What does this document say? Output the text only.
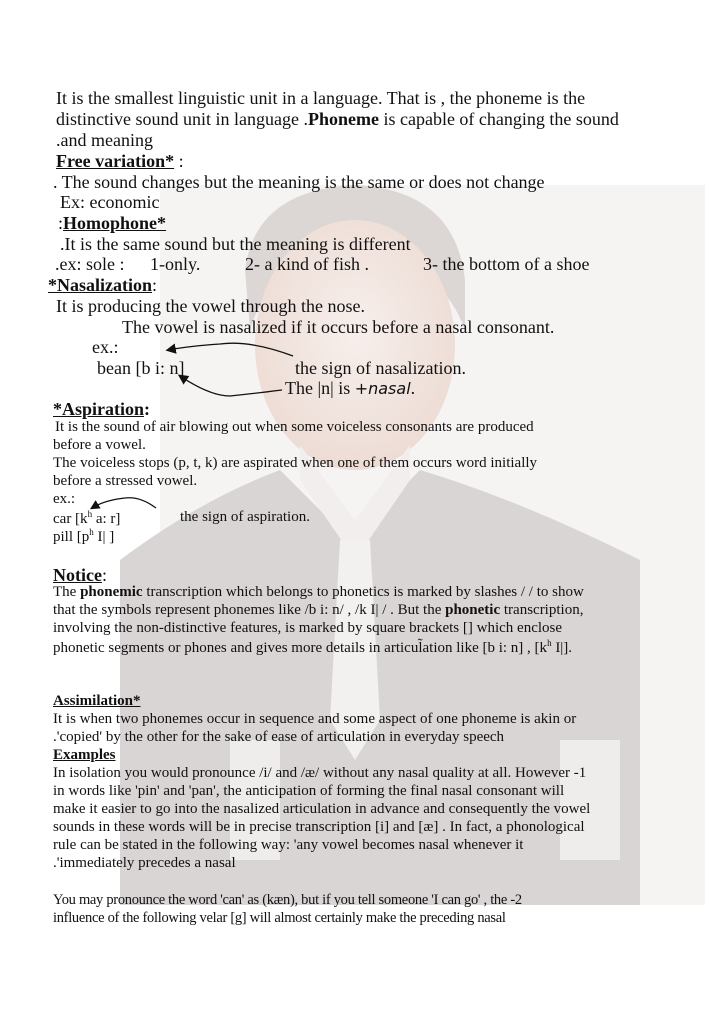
It is the smallest linguistic unit in a language. That is , the phoneme is the
distinctive sound unit in language .Phoneme is capable of changing the sound
.and meaning
Free variation* :
. The sound changes but the meaning is the same or does not change
Ex: economic
:Homophone*
.It is the same sound but the meaning is different
.ex: sole : 1-only. 2- a kind of fish .	3- the bottom of a shoe
*Nasalization:
It is producing the vowel through the nose.
The vowel is nasalized if it occurs before a nasal consonant.
ex.:
bean [b i: n]	the sign of nasalization.
The |n| is +nasal.
*Aspiration:
It is the sound of air blowing out when some voiceless consonants are produced
before a vowel.
The voiceless stops (p, t, k) are aspirated when one of them occurs word initially
before a stressed vowel.
ex.:
car [$k^h$ a: r]	the sign of aspiration.
pill [$p^h$ I| ]
Notice:
The phonemic transcription which belongs to phonetics is marked by slashes / / to show
that the symbols represent phonemes like /b i: n/ , /k I| / . But the phonetic transcription,
involving the non-distinctive features, is marked by square brackets [] which enclose
phonetic segments or phones and gives more details in articul̃ation like [b i: n] , [$k^h$ I|].
Assimilation*
It is when two phonemes occur in sequence and some aspect of one phoneme is akin or
.'copied' by the other for the sake of ease of articulation in everyday speech
Examples
In isolation you would pronounce /i/ and /æ/ without any nasal quality at all. However -1
in words like 'pin' and 'pan', the anticipation of forming the final nasal consonant will
make it easier to go into the nasalized articulation in advance and consequently the vowel
sounds in these words will be in precise transcription [i] and [æ] . In fact, a phonological
rule can be stated in the following way: 'any vowel becomes nasal whenever it
.'immediately precedes a nasal
You may pronounce the word 'can' as (kæn), but if you tell someone 'I can go' , the -2
influence of the following velar [g] will almost certainly make the preceding nasal
